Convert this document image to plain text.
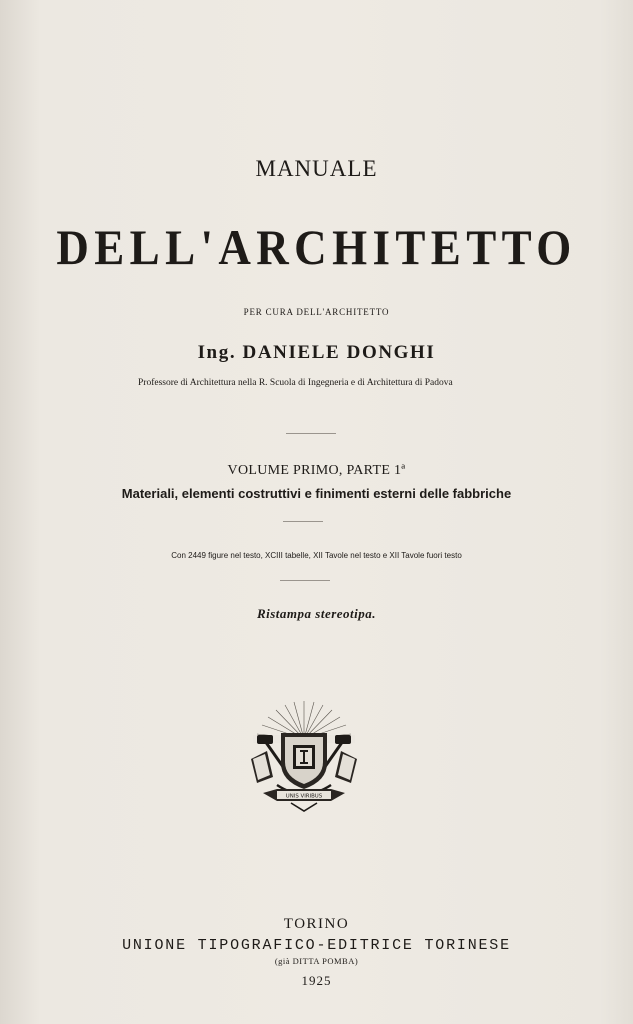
MANUALE
DELL'ARCHITETTO
PER CURA DELL'ARCHITETTO
Ing. DANIELE DONGHI
Professore di Architettura nella R. Scuola di Ingegneria e di Architettura di Padova
VOLUME PRIMO, PARTE 1ª
Materiali, elementi costruttivi e finimenti esterni delle fabbriche
Con 2449 figure nel testo, XCIII tabelle, XII Tavole nel testo e XII Tavole fuori testo
Ristampa stereotipa.
UNIS VIRIBUS
TORINO
UNIONE TIPOGRAFICO-EDITRICE TORINESE
(già DITTA POMBA)
1925
